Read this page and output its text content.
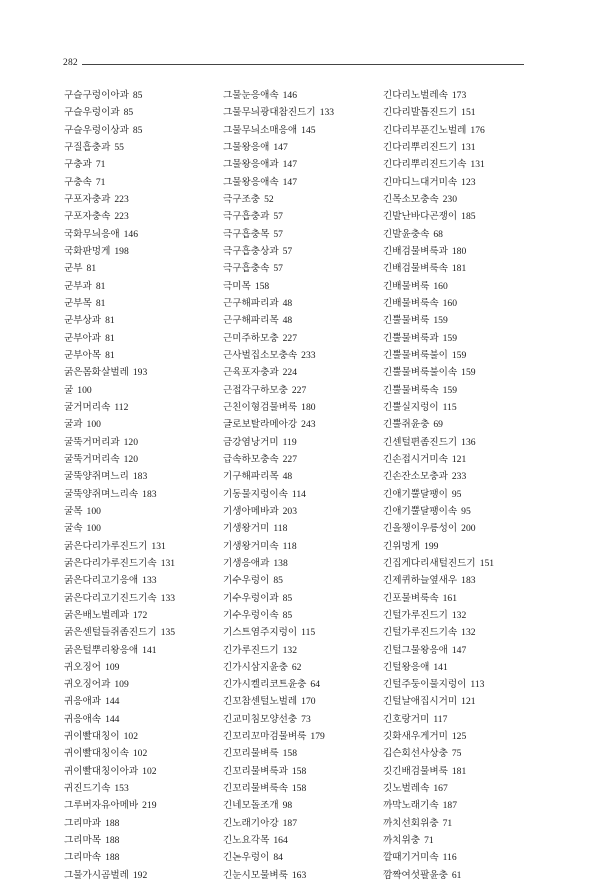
282
구슬구렁이아과 85
구슬우렁이과 85
구슬우렁이상과 85
구질흡충과 55
구충과 71
구충속 71
구포자충과 223
구포자충속 223
국화무늬응애 146
국화판멍게 198
군부 81
군부과 81
군부목 81
군부상과 81
군부아과 81
군부아목 81
굵은몸화살벌레 193
굴 100
굴거머리속 112
굴과 100
굴뚝거머리과 120
굴뚝거머리속 120
굴뚝양쥐며느리 183
굴뚝양쥐며느리속 183
굴목 100
굴속 100
굵은다리가루진드기 131
굵은다리가루진드기속 131
굵은다리고기응애 133
굵은다리고기진드기속 133
굵은배노벌레과 172
굵은센털들쥐좀진드기 135
굵은털뿌리왕응애 141
귀오징어 109
귀오징어과 109
귀응애과 144
귀응애속 144
귀이빨대칭이 102
귀이빨대칭이속 102
귀이빨대칭이아과 102
귀진드기속 153
그루버자유아메바 219
그리마과 188
그리마목 188
그리마속 188
그물가시곰벌레 192
그물눈응애속 146
그물무늬광대참진드기 133
그물무늬소매응애 145
그물왕응애 147
그물왕응애과 147
그물왕응애속 147
극구조충 52
극구흡충과 57
극구흡충목 57
극구흡충상과 57
극구흡충속 57
극미목 158
근구해파리과 48
근구해파리목 48
근미주하모충 227
근사벌집소모충속 233
근육포자충과 224
근접각구하모충 227
근친이형검물벼룩 180
글로보탈라메아강 243
금강염낭거미 119
급속하모충속 227
기구해파리목 48
기동물지렁이속 114
기생아메바과 203
기생왕거미 118
기생왕거미속 118
기생응애과 138
기수우렁이 85
기수우렁이과 85
기수우렁이속 85
기스트염주지렁이 115
긴가루진드기 132
긴가시삼지윤충 62
긴가시켈리코트윤충 64
긴꼬참센털노벌레 170
긴교미침모양선충 73
긴꼬리꼬마검물벼룩 179
긴꼬리물벼룩 158
긴꼬리물벼룩과 158
긴꼬리물벼룩속 158
긴네모돌조개 98
긴노래기아강 187
긴노요각목 164
긴논우렁이 84
긴눈시모물벼룩 163
긴다리노벌레속 173
긴다리발톱진드기 151
긴다리부푼긴노벌레 176
긴다리뿌리진드기 131
긴다리뿌리진드기속 131
긴마디느대거미속 123
긴목소모충속 230
긴발난바다곤쟁이 185
긴발윤충속 68
긴배검물벼룩과 180
긴배검물벼룩속 181
긴배물벼룩 160
긴배물벼룩속 160
긴뿔물벼룩 159
긴뿔물벼룩과 159
긴뿔물벼룩불이 159
긴뿔물벼룩불이속 159
긴뿔물벼룩속 159
긴뿔실지렁이 115
긴뿔쥐윤충 69
긴센털편좀진드기 136
긴손접시거미속 121
긴손잔소모충과 233
긴애기뿔달팽이 95
긴애기뿔달팽이속 95
긴올챙이우릉성이 200
긴위멍게 199
긴집게다리새털진드기 151
긴제퀴하늘옆새우 183
긴포물벼룩속 161
긴털가루진드기 132
긴털가루진드기속 132
긴털그물왕응애 147
긴털왕응애 141
긴털주둥이물지렁이 113
긴털날애집시거미 121
긴호랑거미 117
깃화새우게거미 125
깁슨회선사상충 75
깃긴배검물벼룩 181
깃노벌레속 167
까막노래기속 187
까치선회위충 71
까치위충 71
깔때기거미속 116
깜짝여섯팔윤충 61
